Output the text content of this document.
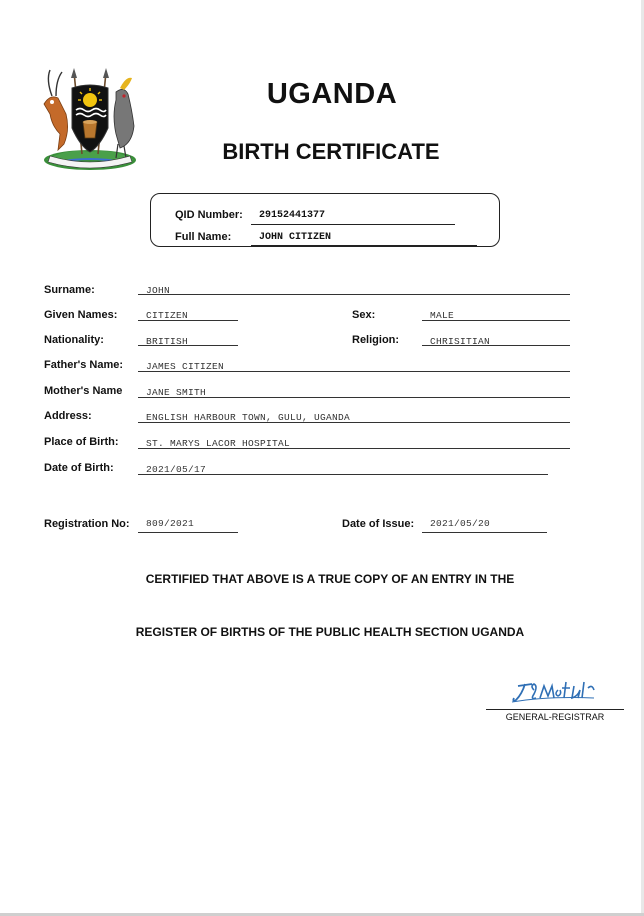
UGANDA
BIRTH CERTIFICATE
QID Number: 29152441377
Full Name:	JOHN CITIZEN
Surname:	JOHN
Given Names:	CITIZEN	Sex:	MALE
Nationality:	BRITISH	Religion:	CHRISITIAN
Father's Name: JAMES CITIZEN
Mother's Name JANE SMITH
Address:	ENGLISH HARBOUR TOWN, GULU, UGANDA
Place of Birth:	ST. MARYS LACOR HOSPITAL
Date of Birth:	2021/05/17
Registration No: 809/2021	Date of Issue: 2021/05/20
CERTIFIED THAT ABOVE IS A TRUE COPY OF AN ENTRY IN THE
REGISTER OF BIRTHS OF THE PUBLIC HEALTH SECTION UGANDA
GENERAL-REGISTRAR
